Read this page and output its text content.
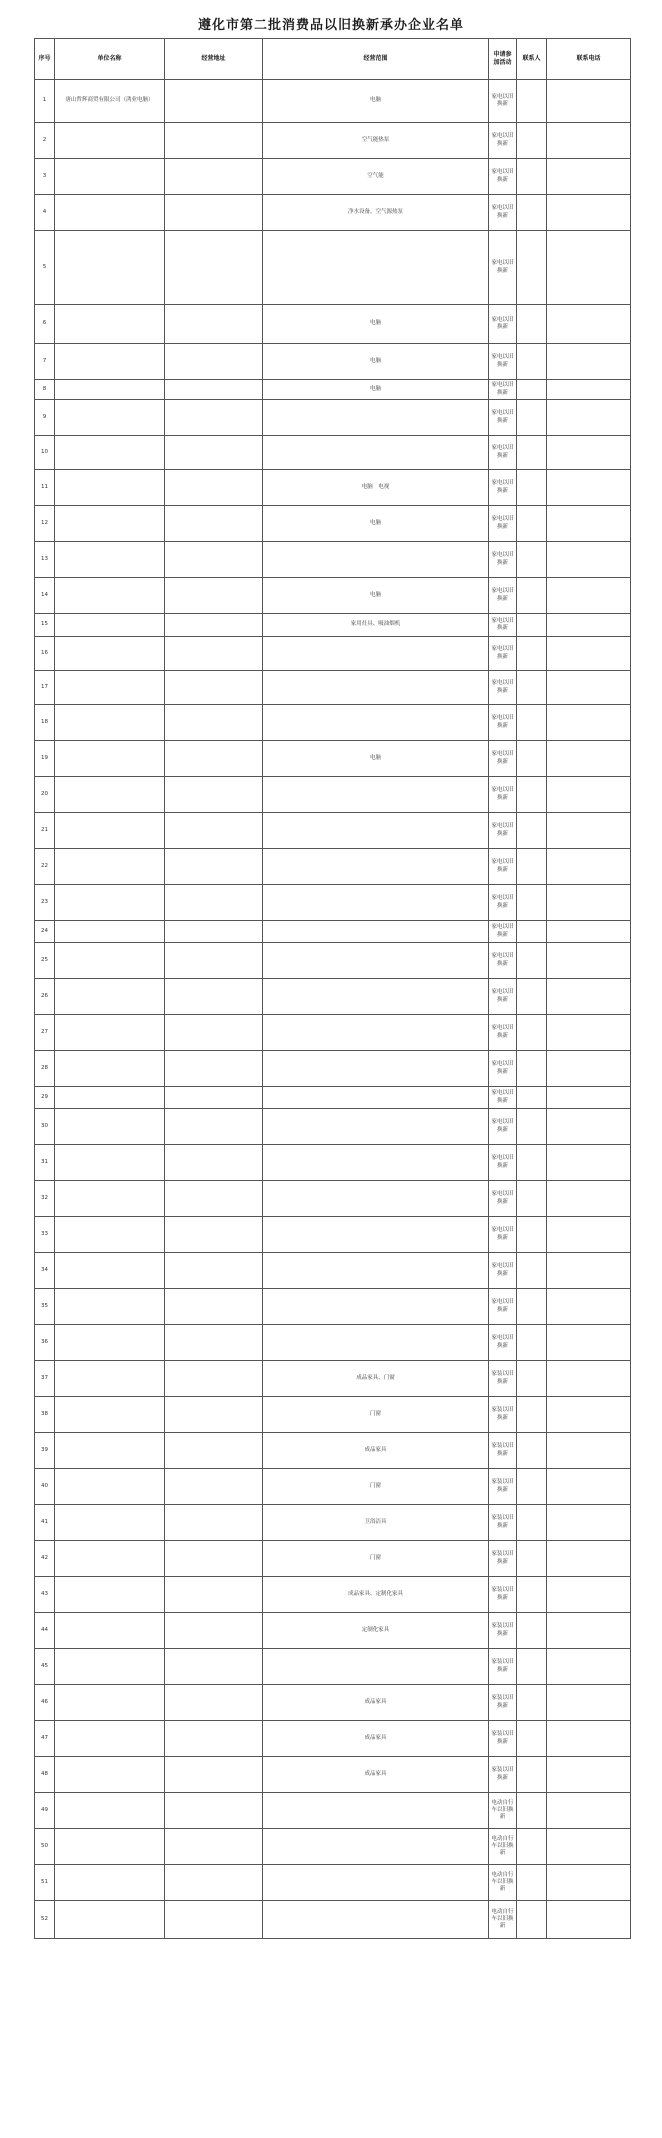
遵化市第二批消费品以旧换新承办企业名单
序号	单位名称	经营地址	经营范围	申请参加活动	联系人	联系电话
1	唐山哲辉商贸有限公司（鸿业电脑）		电脑	家电以旧换新		
2			空气能热泵	家电以旧换新		
3			空气能	家电以旧换新		
4			净水设备、空气源热泵	家电以旧换新		
5				家电以旧换新		
6			电脑	家电以旧换新		
7			电脑	家电以旧换新		
8			电脑	家电以旧换新		
9				家电以旧换新		
10				家电以旧换新		
11			电脑　电视	家电以旧换新		
12			电脑	家电以旧换新		
13				家电以旧换新		
14			电脑	家电以旧换新		
15			家用灶具、吸油烟机	家电以旧换新		
16				家电以旧换新		
17				家电以旧换新		
18				家电以旧换新		
19			电脑	家电以旧换新		
20				家电以旧换新		
21				家电以旧换新		
22				家电以旧换新		
23				家电以旧换新		
24				家电以旧换新		
25				家电以旧换新		
26				家电以旧换新		
27				家电以旧换新		
28				家电以旧换新		
29				家电以旧换新		
30				家电以旧换新		
31				家电以旧换新		
32				家电以旧换新		
33				家电以旧换新		
34				家电以旧换新		
35				家电以旧换新		
36				家电以旧换新		
37			成品家具、门窗	家装以旧换新		
38			门窗	家装以旧换新		
39			成品家具	家装以旧换新		
40			门窗	家装以旧换新		
41			卫浴洁具	家装以旧换新		
42			门窗	家装以旧换新		
43			成品家具、定制化家具	家装以旧换新		
44			定制化家具	家装以旧换新		
45				家装以旧换新		
46			成品家具	家装以旧换新		
47			成品家具	家装以旧换新		
48			成品家具	家装以旧换新		
49				电动自行车以旧换新		
50				电动自行车以旧换新		
51				电动自行车以旧换新		
52				电动自行车以旧换新		
